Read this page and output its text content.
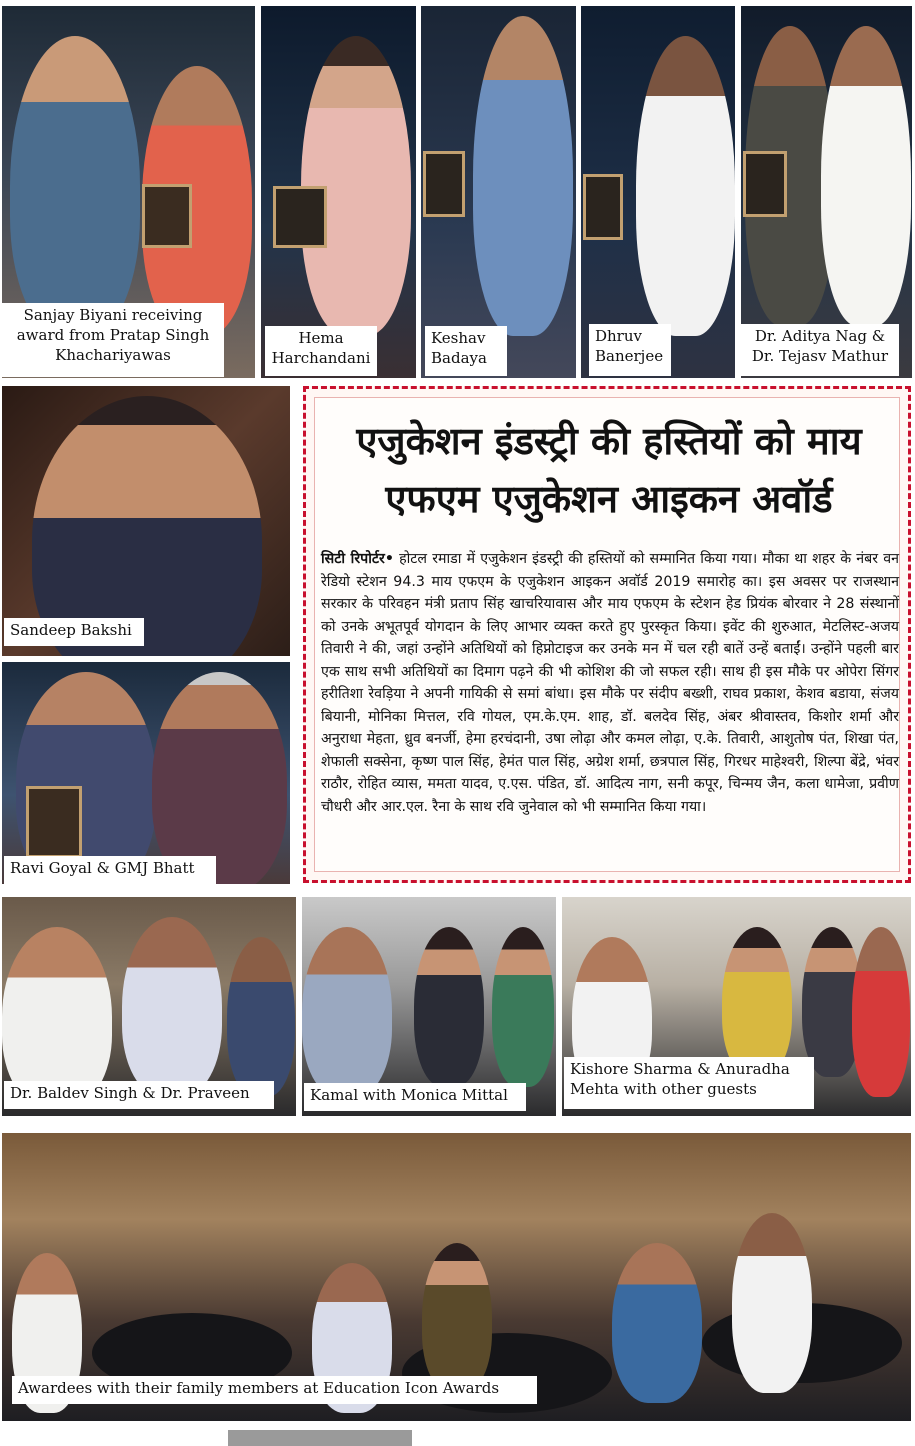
Sanjay Biyani receiving award from Pratap Singh Khachariyawas
Hema Harchandani
Keshav Badaya
Dhruv Banerjee
Dr. Aditya Nag & Dr. Tejasv Mathur
Sandeep Bakshi
Ravi Goyal & GMJ Bhatt
एजुकेशन इंडस्ट्री की हस्तियों को माय एफएम एजुकेशन आइकन अवॉर्ड
सिटी रिपोर्टर• होटल रमाडा में एजुकेशन इंडस्ट्री की हस्तियों को सम्मानित किया गया। मौका था शहर के नंबर वन रेडियो स्टेशन 94.3 माय एफएम के एजुकेशन आइकन अवॉर्ड 2019 समारोह का। इस अवसर पर राजस्थान सरकार के परिवहन मंत्री प्रताप सिंह खाचरियावास और माय एफएम के स्टेशन हेड प्रियंक बोरवार ने 28 संस्थानों को उनके अभूतपूर्व योगदान के लिए आभार व्यक्त करते हुए पुरस्कृत किया। इवेंट की शुरुआत, मेटलिस्ट-अजय तिवारी ने की, जहां उन्होंने अतिथियों को हिप्नोटाइज कर उनके मन में चल रही बातें उन्हें बताईं। उन्होंने पहली बार एक साथ सभी अतिथियों का दिमाग पढ़ने की भी कोशिश की जो सफल रही। साथ ही इस मौके पर ओपेरा सिंगर हरीतिशा रेवड़िया ने अपनी गायिकी से समां बांधा। इस मौके पर संदीप बख्शी, राघव प्रकाश, केशव बडाया, संजय बियानी, मोनिका मित्तल, रवि गोयल, एम.के.एम. शाह, डॉ. बलदेव सिंह, अंबर श्रीवास्तव, किशोर शर्मा और अनुराधा मेहता, ध्रुव बनर्जी, हेमा हरचंदानी, उषा लोढ़ा और कमल लोढ़ा, ए.के. तिवारी, आशुतोष पंत, शिखा पंत, शेफाली सक्सेना, कृष्ण पाल सिंह, हेमंत पाल सिंह, अग्रेश शर्मा, छत्रपाल सिंह, गिरधर माहेश्वरी, शिल्पा बेंद्रे, भंवर राठौर, रोहित व्यास, ममता यादव, ए.एस. पंडित, डॉ. आदित्य नाग, सनी कपूर, चिन्मय जैन, कला धामेजा, प्रवीण चौधरी और आर.एल. रैना के साथ रवि जुनेवाल को भी सम्मानित किया गया।
Dr. Baldev Singh & Dr. Praveen	Kamal with Monica Mittal
Kishore Sharma & Anuradha Mehta with other guests
Awardees with their family members at Education Icon Awards
